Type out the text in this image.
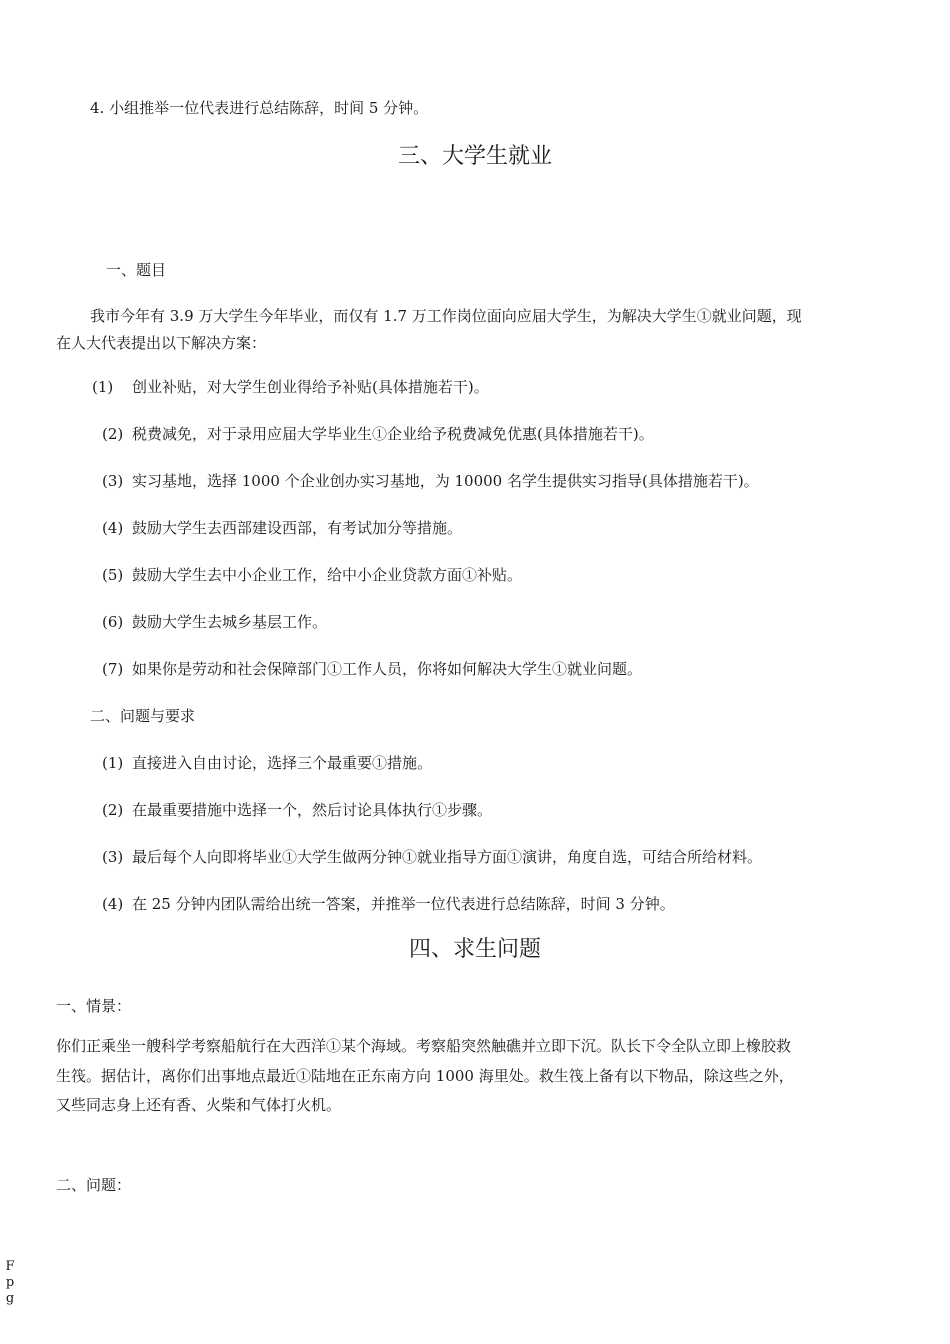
4. 小组推举一位代表进行总结陈辞，时间 5 分钟。
三、大学生就业
一、题目
我市今年有 3.9 万大学生今年毕业，而仅有 1.7 万工作岗位面向应届大学生，为解决大学生①就业问题，现
在人大代表提出以下解决方案：
(1) 创业补贴，对大学生创业得给予补贴(具体措施若干)。
(2) 税费减免，对于录用应届大学毕业生①企业给予税费减免优惠(具体措施若干)。
(3) 实习基地，选择 1000 个企业创办实习基地，为 10000 名学生提供实习指导(具体措施若干)。
(4) 鼓励大学生去西部建设西部，有考试加分等措施。
(5) 鼓励大学生去中小企业工作，给中小企业贷款方面①补贴。
(6) 鼓励大学生去城乡基层工作。
(7) 如果你是劳动和社会保障部门①工作人员，你将如何解决大学生①就业问题。
二、问题与要求
(1) 直接进入自由讨论，选择三个最重要①措施。
(2) 在最重要措施中选择一个，然后讨论具体执行①步骤。
(3) 最后每个人向即将毕业①大学生做两分钟①就业指导方面①演讲，角度自选，可结合所给材料。
(4) 在 25 分钟内团队需给出统一答案，并推举一位代表进行总结陈辞，时间 3 分钟。
四、求生问题
一、情景：
你们正乘坐一艘科学考察船航行在大西洋①某个海域。考察船突然触礁并立即下沉。队长下令全队立即上橡胶救
生筏。据估计，离你们出事地点最近①陆地在正东南方向 1000 海里处。救生筏上备有以下物品，除这些之外，
又些同志身上还有香、火柴和气体打火机。
二、问题：
F
p
g
